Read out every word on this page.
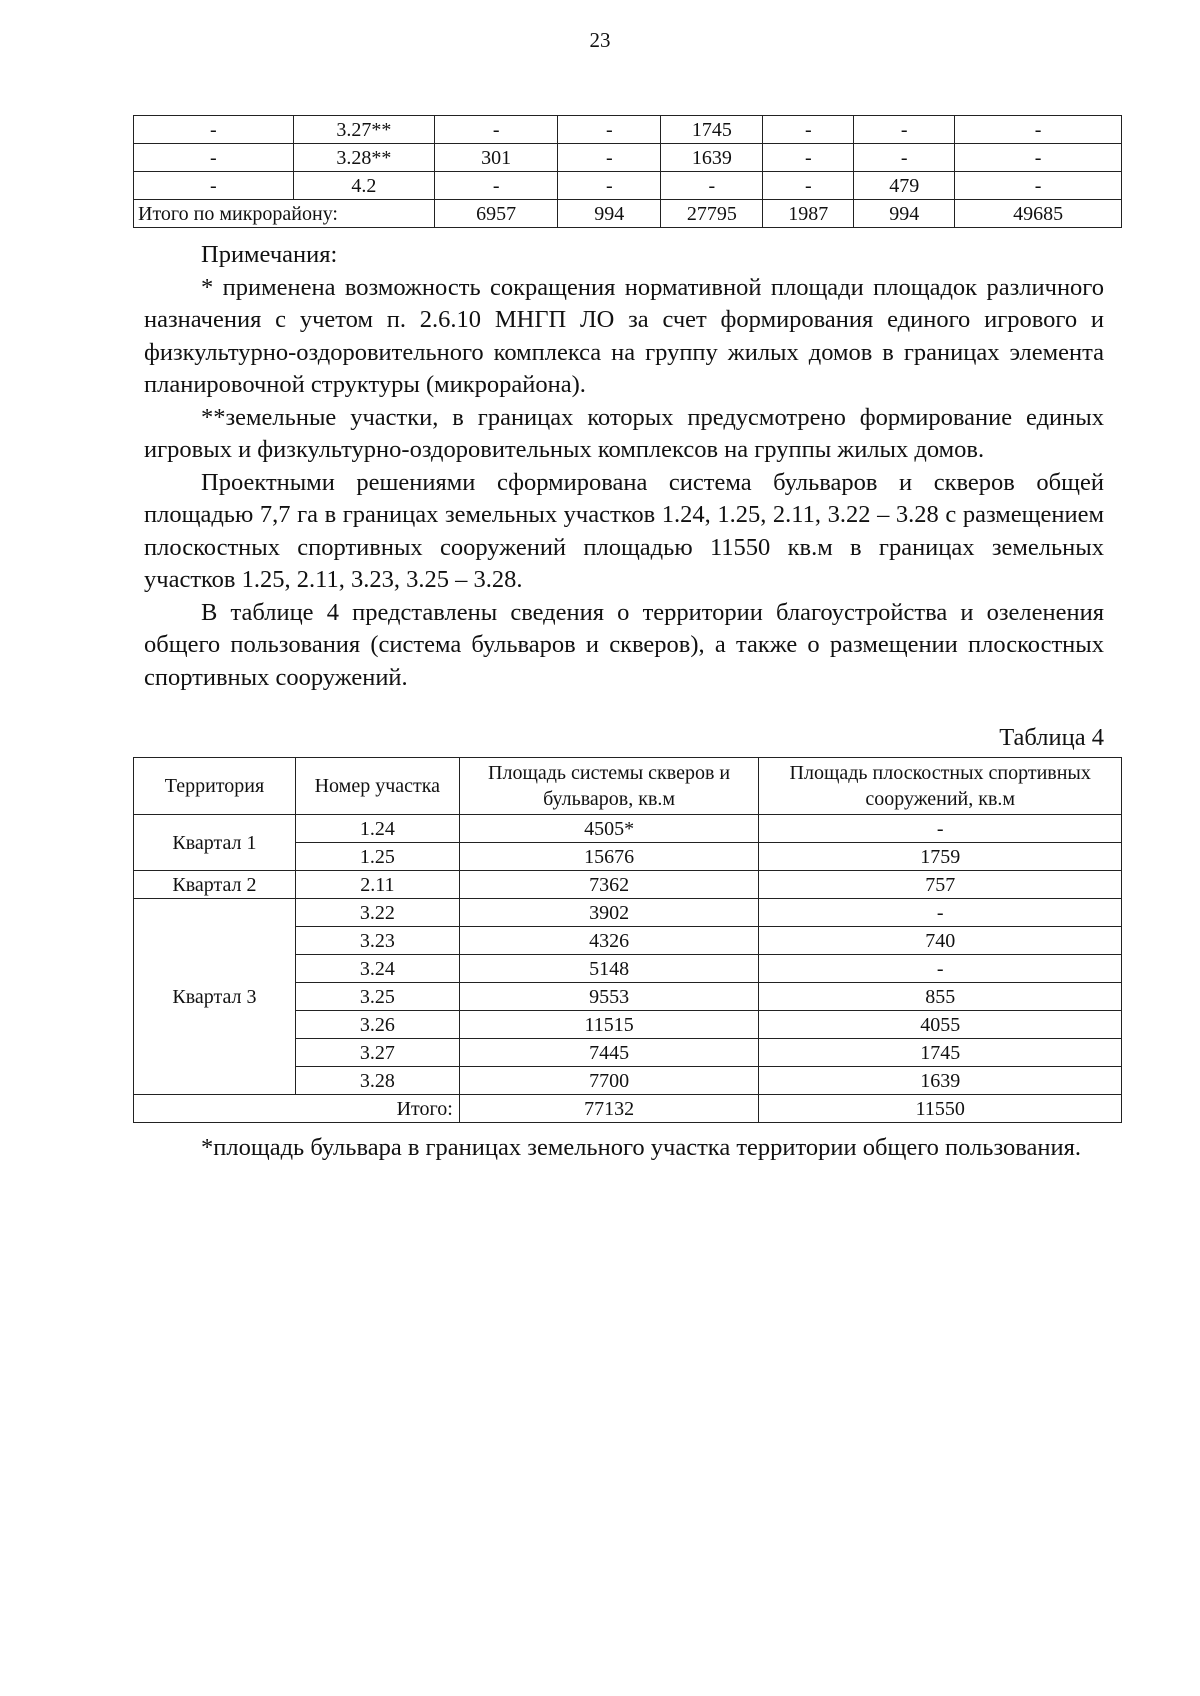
23
-	3.27**	-	-	1745	-	-	-
-	3.28**	301	-	1639	-	-	-
-	4.2	-	-	-	-	479	-
Итого по микрорайону:		6957	994	27795	1987	994	49685

Примечания:

* применена возможность сокращения нормативной площади площадок различного назначения с учетом п. 2.6.10 МНГП ЛО за счет формирования единого игрового и физкультурно-оздоровительного комплекса на группу жилых домов в границах элемента планировочной структуры (микрорайона).

**земельные участки, в границах которых предусмотрено формирование единых игровых и физкультурно-оздоровительных комплексов на группы жилых домов.

Проектными решениями сформирована система бульваров и скверов общей площадью 7,7 га в границах земельных участков 1.24, 1.25, 2.11, 3.22 – 3.28 с размещением плоскостных спортивных сооружений площадью 11550 кв.м в границах земельных участков 1.25, 2.11, 3.23, 3.25 – 3.28.

В таблице 4 представлены сведения о территории благоустройства и озеленения общего пользования (система бульваров и скверов), а также о размещении плоскостных спортивных сооружений.

Таблица 4
Территория	Номер участка	Площадь системы скверов и бульваров, кв.м	Площадь плоскостных спортивных сооружений, кв.м
Квартал 1	1.24	4505*	-
	1.25	15676	1759
Квартал 2	2.11	7362	757
Квартал 3	3.22	3902	-
	3.23	4326	740
	3.24	5148	-
	3.25	9553	855
	3.26	11515	4055
	3.27	7445	1745
	3.28	7700	1639
Итого:		77132	11550

*площадь бульвара в границах земельного участка территории общего пользования.
